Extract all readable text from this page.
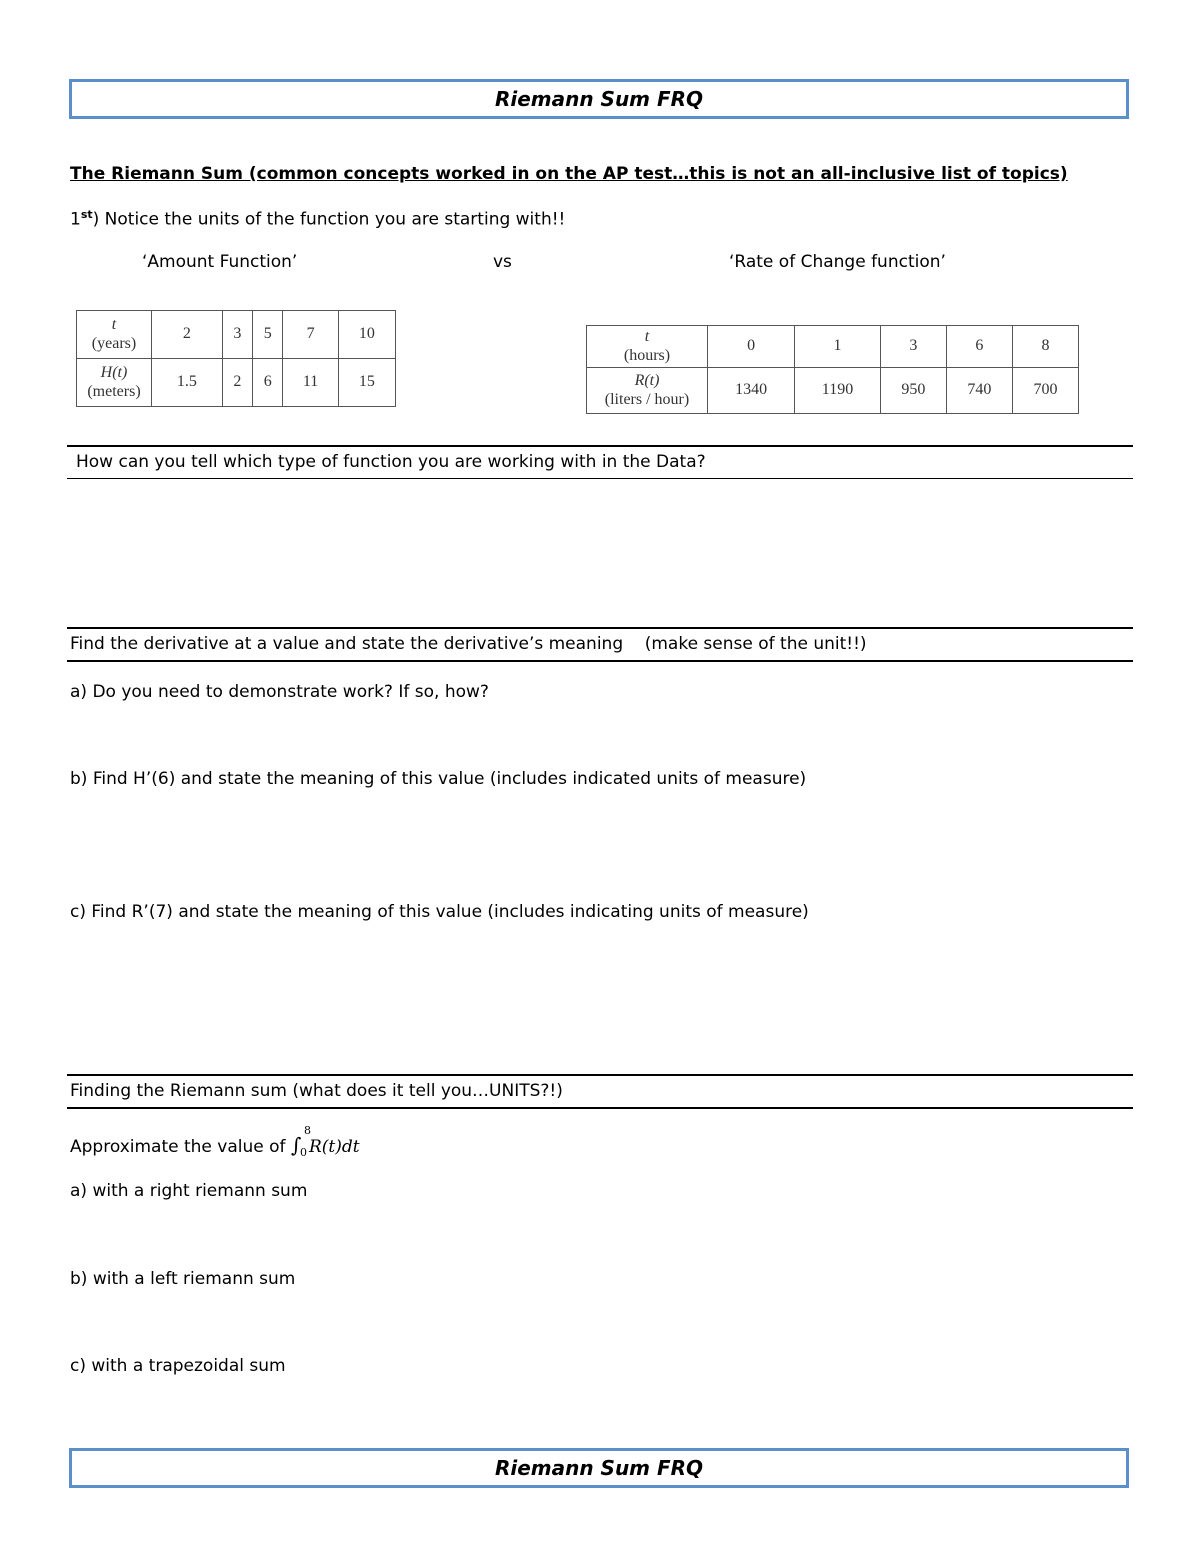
Riemann Sum FRQ
The Riemann Sum (common concepts worked in on the AP test…this is not an all-inclusive list of topics)
1st) Notice the units of the function you are starting with!!
‘Amount Function’	vs	‘Rate of Change function’
t
(years)	2	3	5	7	10
H(t)
(meters)	1.5	2	6	11	15
t
(hours)	0	1	3	6	8
R(t)
(liters / hour)	1340	1190	950	740	700
How can you tell which type of function you are working with in the Data?
Find the derivative at a value and state the derivative’s meaning    (make sense of the unit!!)
a) Do you need to demonstrate work? If so, how?
b) Find H’(6) and state the meaning of this value (includes indicated units of measure)
c) Find R’(7) and state the meaning of this value (includes indicating units of measure)
Finding the Riemann sum (what does it tell you…UNITS?!)
Approximate the value of ∫
8
0 R(t)dt
a) with a right riemann sum
b) with a left riemann sum
c) with a trapezoidal sum
Riemann Sum FRQ
